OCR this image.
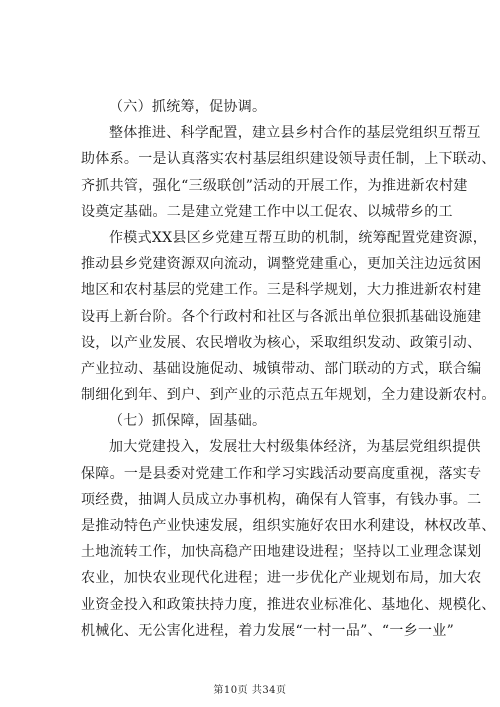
（六）抓统筹，促协调。
整体推进、科学配置，建立县乡村合作的基层党组织互帮互
助体系。一是认真落实农村基层组织建设领导责任制，上下联动、
齐抓共管，强化“三级联创”活动的开展工作，为推进新农村建
设奠定基础。二是建立党建工作中以工促农、以城带乡的工
作模式XX县区乡党建互帮互助的机制，统筹配置党建资源，
推动县乡党建资源双向流动，调整党建重心，更加关注边远贫困
地区和农村基层的党建工作。三是科学规划，大力推进新农村建
设再上新台阶。各个行政村和社区与各派出单位狠抓基础设施建
设，以产业发展、农民增收为核心，采取组织发动、政策引动、
产业拉动、基础设施促动、城镇带动、部门联动的方式，联合编
制细化到年、到户、到产业的示范点五年规划，全力建设新农村。
（七）抓保障，固基础。
加大党建投入，发展壮大村级集体经济，为基层党组织提供
保障。一是县委对党建工作和学习实践活动要高度重视，落实专
项经费，抽调人员成立办事机构，确保有人管事，有钱办事。二
是推动特色产业快速发展，组织实施好农田水利建设，林权改革、
土地流转工作，加快高稳产田地建设进程；坚持以工业理念谋划
农业，加快农业现代化进程；进一步优化产业规划布局，加大农
业资金投入和政策扶持力度，推进农业标准化、基地化、规模化、
机械化、无公害化进程，着力发展“一村一品”、“一乡一业”
第10页 共34页
